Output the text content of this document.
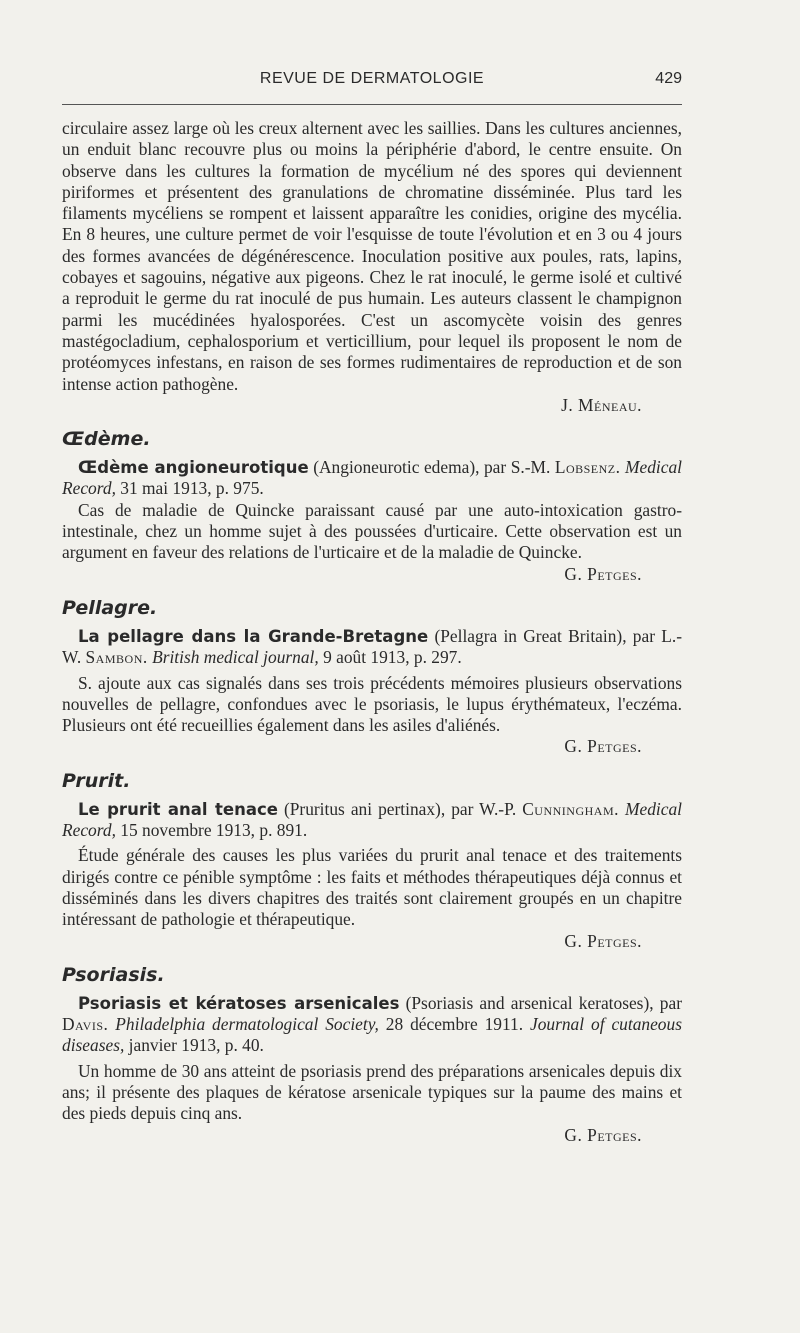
REVUE DE DERMATOLOGIE	429

circulaire assez large où les creux alternent avec les saillies. Dans les cultures anciennes, un enduit blanc recouvre plus ou moins la périphérie d'abord, le centre ensuite. On observe dans les cultures la formation de mycélium né des spores qui deviennent piriformes et présentent des granulations de chromatine disséminée. Plus tard les filaments mycéliens se rompent et laissent apparaître les conidies, origine des mycélia. En 8 heures, une culture permet de voir l'esquisse de toute l'évolution et en 3 ou 4 jours des formes avancées de dégénérescence. Inoculation positive aux poules, rats, lapins, cobayes et sagouins, négative aux pigeons. Chez le rat inoculé, le germe isolé et cultivé a reproduit le germe du rat inoculé de pus humain. Les auteurs classent le champignon parmi les mucédinées hyalosporées. C'est un ascomycète voisin des genres mastégocladium, cephalosporium et verticillium, pour lequel ils proposent le nom de protéomyces infestans, en raison de ses formes rudimentaires de reproduction et de son intense action pathogène.

J. Méneau.

Œdème.

Œdème angioneurotique (Angioneurotic edema), par S.-M. Lobsenz. Medical Record, 31 mai 1913, p. 975.

Cas de maladie de Quincke paraissant causé par une auto-intoxication gastro-intestinale, chez un homme sujet à des poussées d'urticaire. Cette observation est un argument en faveur des relations de l'urticaire et de la maladie de Quincke.

G. Petges.

Pellagre.

La pellagre dans la Grande-Bretagne (Pellagra in Great Britain), par L.-W. Sambon. British medical journal, 9 août 1913, p. 297.

S. ajoute aux cas signalés dans ses trois précédents mémoires plusieurs observations nouvelles de pellagre, confondues avec le psoriasis, le lupus érythémateux, l'eczéma. Plusieurs ont été recueillies également dans les asiles d'aliénés.

G. Petges.

Prurit.

Le prurit anal tenace (Pruritus ani pertinax), par W.-P. Cunningham. Medical Record, 15 novembre 1913, p. 891.

Étude générale des causes les plus variées du prurit anal tenace et des traitements dirigés contre ce pénible symptôme : les faits et méthodes thérapeutiques déjà connus et disséminés dans les divers chapitres des traités sont clairement groupés en un chapitre intéressant de pathologie et thérapeutique.

G. Petges.

Psoriasis.

Psoriasis et kératoses arsenicales (Psoriasis and arsenical keratoses), par Davis. Philadelphia dermatological Society, 28 décembre 1911. Journal of cutaneous diseases, janvier 1913, p. 40.

Un homme de 30 ans atteint de psoriasis prend des préparations arsenicales depuis dix ans; il présente des plaques de kératose arsenicale typiques sur la paume des mains et des pieds depuis cinq ans.

G. Petges.
